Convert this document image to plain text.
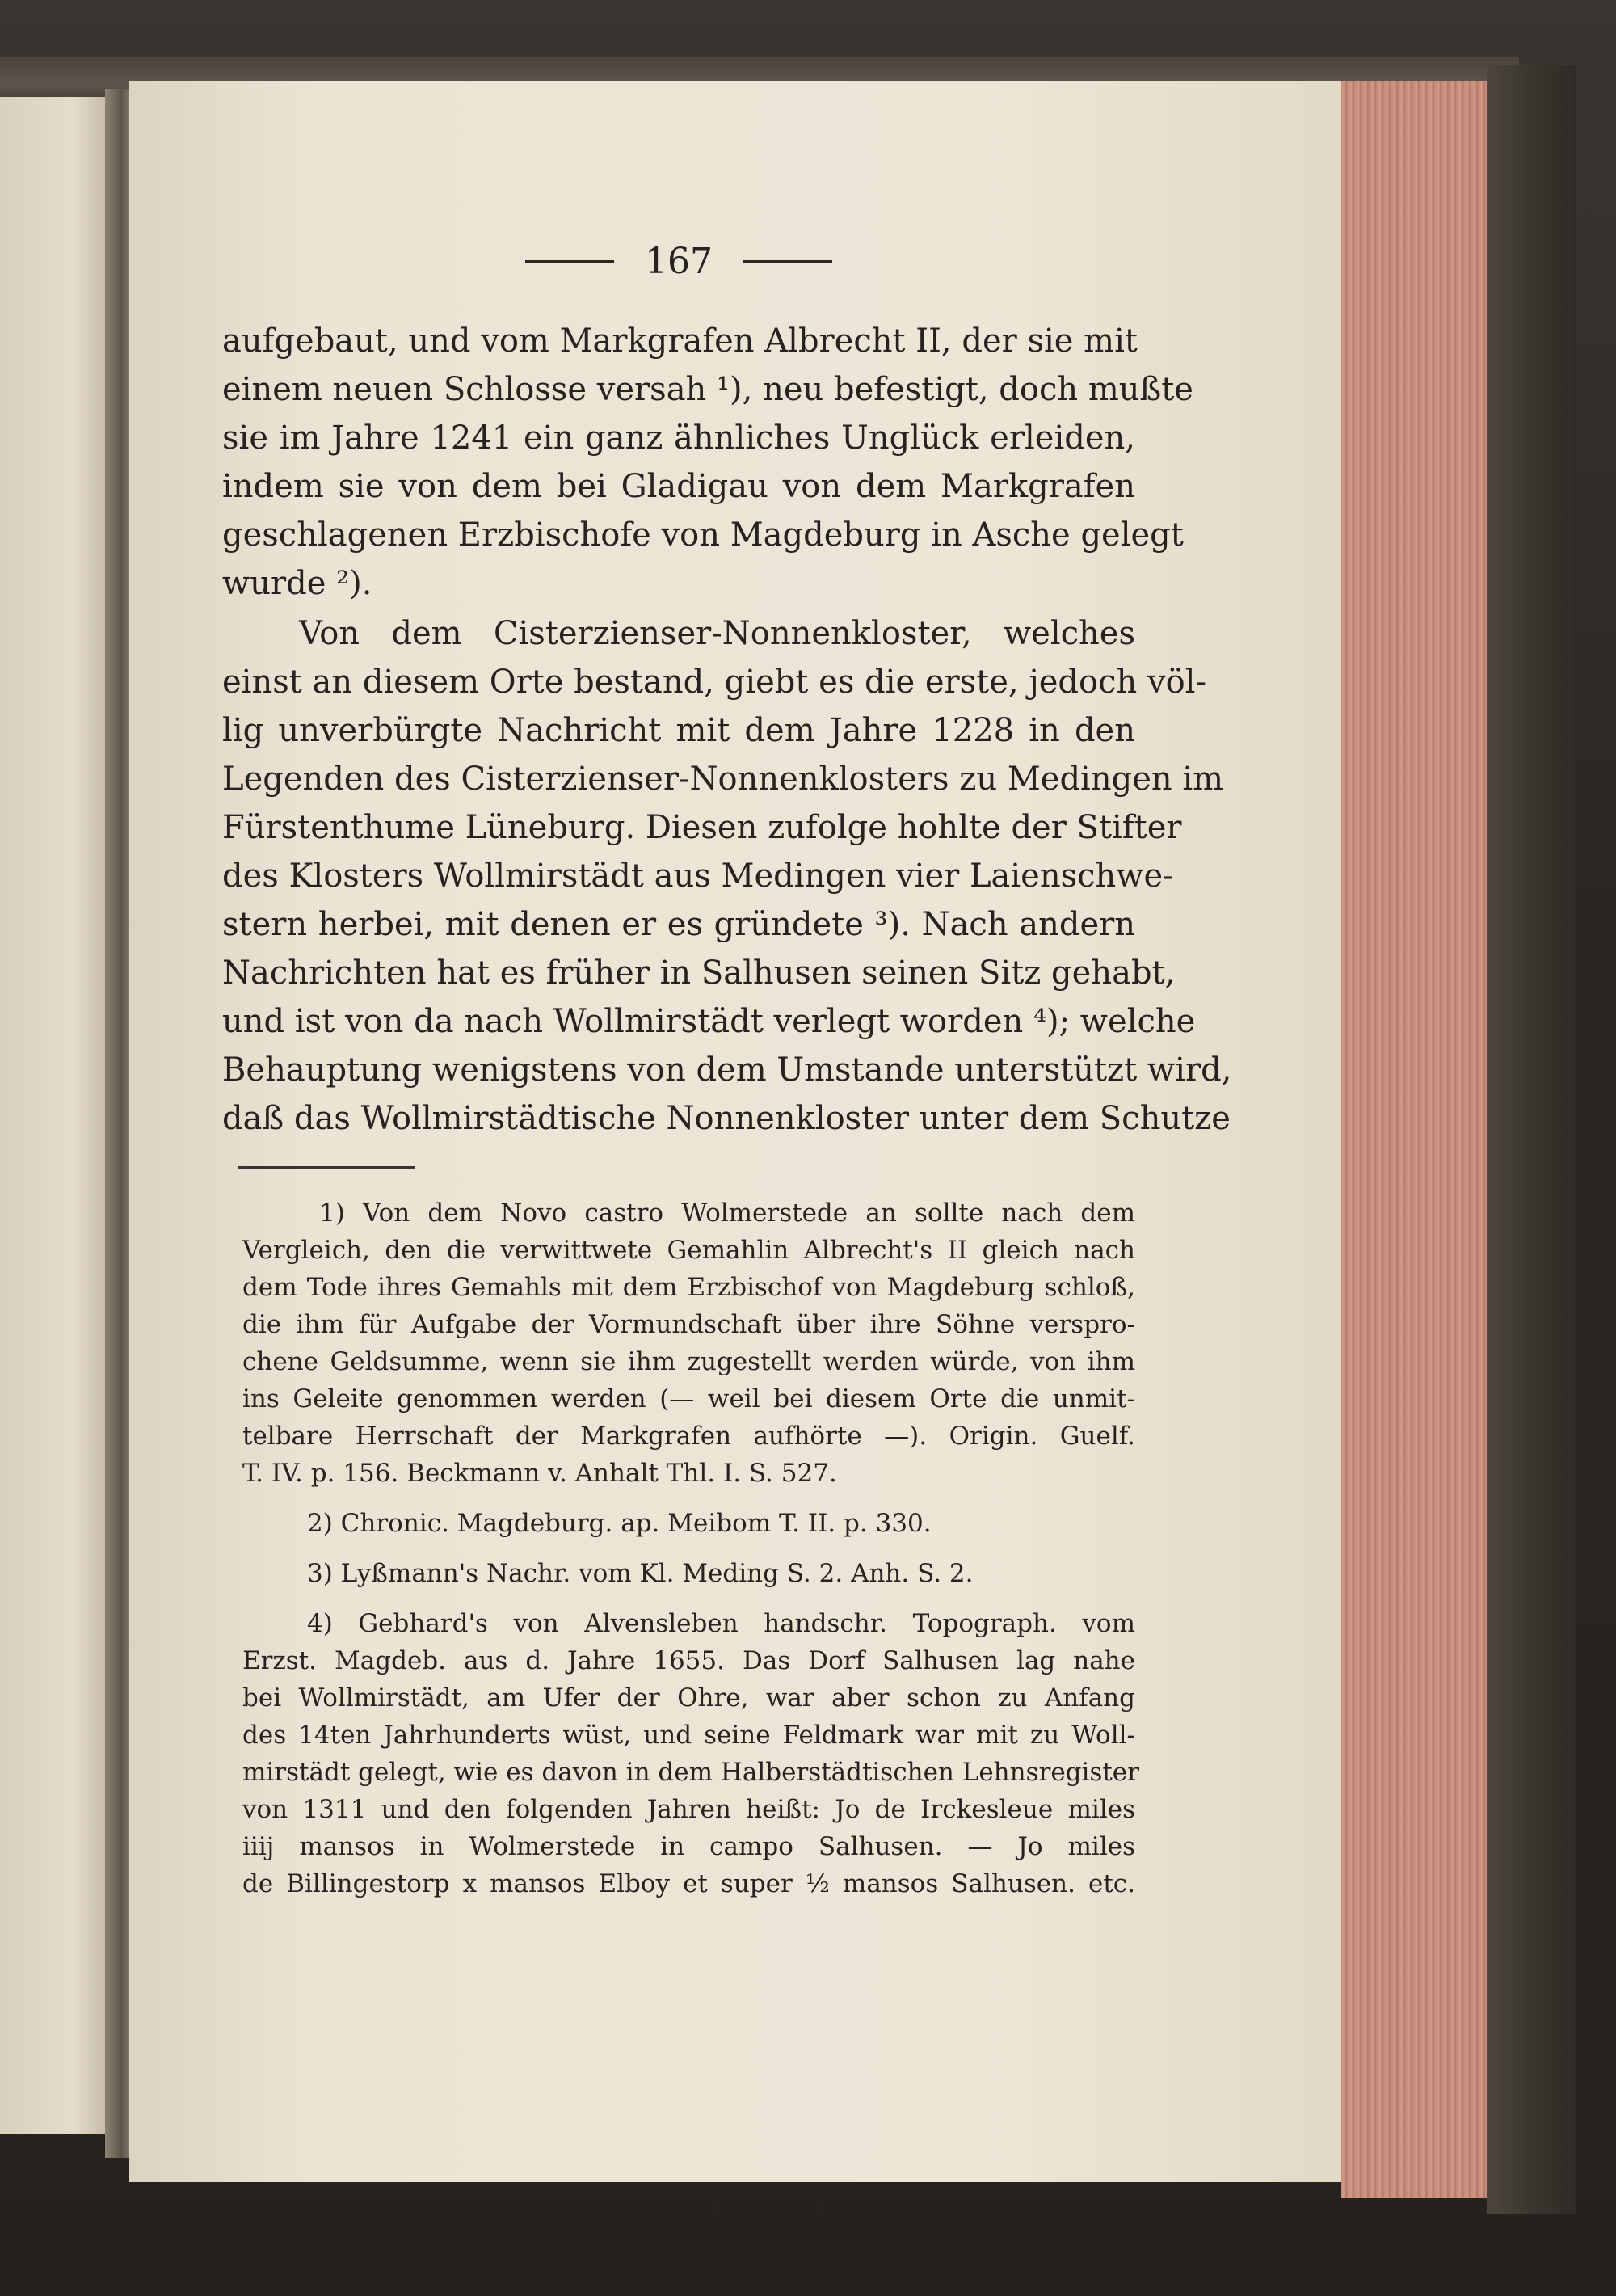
167
aufgebaut, und vom Markgrafen Albrecht II, der sie mit
einem neuen Schlosse versah ¹), neu befestigt, doch mußte
sie im Jahre 1241 ein ganz ähnliches Unglück erleiden,
indem sie von dem bei Gladigau von dem Markgrafen
geschlagenen Erzbischofe von Magdeburg in Asche gelegt
wurde ²).
Von dem Cisterzienser-Nonnenkloster, welches
einst an diesem Orte bestand, giebt es die erste, jedoch völ-
lig unverbürgte Nachricht mit dem Jahre 1228 in den
Legenden des Cisterzienser-Nonnenklosters zu Medingen im
Fürstenthume Lüneburg. Diesen zufolge hohlte der Stifter
des Klosters Wollmirstädt aus Medingen vier Laienschwe-
stern herbei, mit denen er es gründete ³). Nach andern
Nachrichten hat es früher in Salhusen seinen Sitz gehabt,
und ist von da nach Wollmirstädt verlegt worden ⁴); welche
Behauptung wenigstens von dem Umstande unterstützt wird,
daß das Wollmirstädtische Nonnenkloster unter dem Schutze
1) Von dem Novo castro Wolmerstede an sollte nach dem
Vergleich, den die verwittwete Gemahlin Albrecht's II gleich nach
dem Tode ihres Gemahls mit dem Erzbischof von Magdeburg schloß,
die ihm für Aufgabe der Vormundschaft über ihre Söhne verspro-
chene Geldsumme, wenn sie ihm zugestellt werden würde, von ihm
ins Geleite genommen werden (— weil bei diesem Orte die unmit-
telbare Herrschaft der Markgrafen aufhörte —). Origin. Guelf.
T. IV. p. 156. Beckmann v. Anhalt Thl. I. S. 527.
2) Chronic. Magdeburg. ap. Meibom T. II. p. 330.
3) Lyßmann's Nachr. vom Kl. Meding S. 2. Anh. S. 2.
4) Gebhard's von Alvensleben handschr. Topograph. vom
Erzst. Magdeb. aus d. Jahre 1655. Das Dorf Salhusen lag nahe
bei Wollmirstädt, am Ufer der Ohre, war aber schon zu Anfang
des 14ten Jahrhunderts wüst, und seine Feldmark war mit zu Woll-
mirstädt gelegt, wie es davon in dem Halberstädtischen Lehnsregister
von 1311 und den folgenden Jahren heißt: Jo de Irckesleue miles
iiij mansos in Wolmerstede in campo Salhusen. — Jo miles
de Billingestorp x mansos Elboy et super ½ mansos Salhusen. etc.
